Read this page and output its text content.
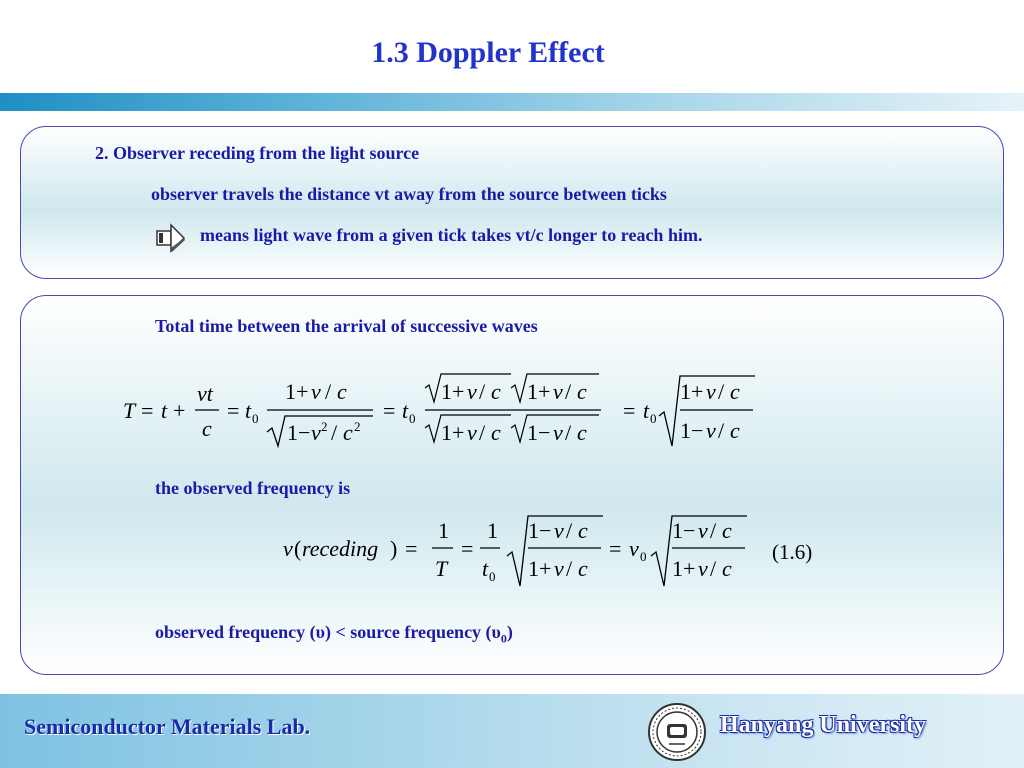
1.3 Doppler Effect
2. Observer receding from the light source
observer travels the distance vt away from the source between ticks
means light wave from a given tick takes vt/c longer to reach him.
Total time between the arrival of successive waves
T = t +
vt
c
= t 0
1+ v / c
1− v 2 / c 2
= t 0
1+ v / c 1+ v / c
1+ v / c 1− v / c
= t 0
1+ v / c
1− v / c
the observed frequency is
v ( receding ) =
1
T
=
1
t 0
1− v / c
1+ v / c
= v 0
1− v / c
1+ v / c
(1.6)
observed frequency (υ) < source frequency $(\upsilon_0)$
Semiconductor Materials Lab.	Hanyang University
